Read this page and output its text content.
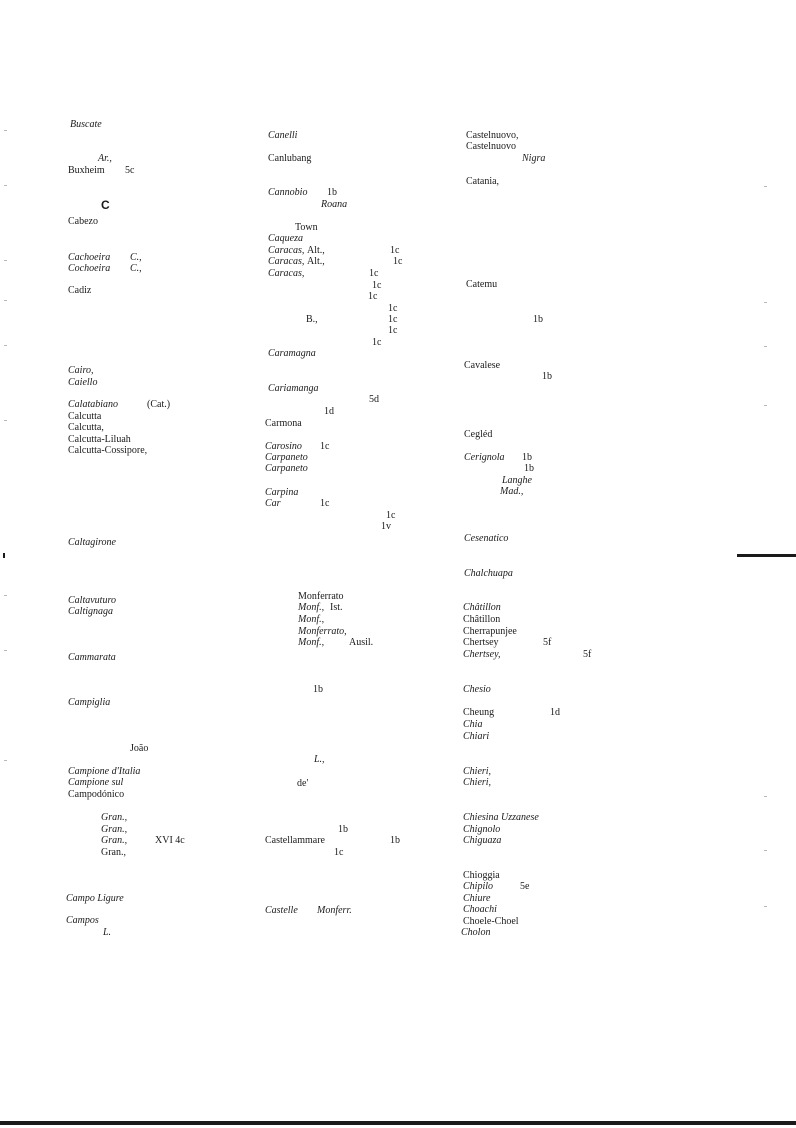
Buscate
Ar.,
Buxheim 5c
C
Cabezo
Cachoeira C.,
Cochoeira C.,
Cadiz
Cairo,
Caiello
Calatabiano	(Cat.)
Calcutta
Calcutta,
Calcutta-Liluah
Calcutta-Cossipore,
Caltagirone
Caltavuturo
Caltignaga
Cammarata
Campiglia
João
Campione d'Italia
Campione sul
Campodónico
Gran.,
Gran.,
Gran.,	XVI 4c
Gran.,
Campo Ligure
Campos
L.
Canelli
Canlubang
Cannobio 1b
Roana
Town
Caqueza
Caracas, Alt.,	1c
Caracas, Alt.,	1c
Caracas,	1c
1c
1c
1c
B.,	1c
1c
1c
Caramagna
Cariamanga
5d
1d
Carmona
Carosino 1c
Carpaneto
Carpaneto
Carpina
Car	1c
1c
1v
Monferrato
Monf., Ist.
Monf.,
Monferrato,
Monf., Ausil.
1b
L.,
de'
1b
Castellammare	1b
1c
Castelle Monferr.
Castelnuovo,
Castelnuovo
Nigra
Catania,
Catemu
1b
Cavalese
1b
Cegléd
Cerignola 1b
1b
Langhe
Mad.,
Cesenatico
Chalchuapa
Châtillon
Châtillon
Cherrapunjee
Chertsey	5f
Chertsey,	5f
Chesio
Cheung	1d
Chia
Chiari
Chieri,
Chieri,
Chiesina Uzzanese
Chignolo
Chiguaza
Chioggia
Chipilo	5e
Chiure
Choachi
Choele-Choel
Cholon
